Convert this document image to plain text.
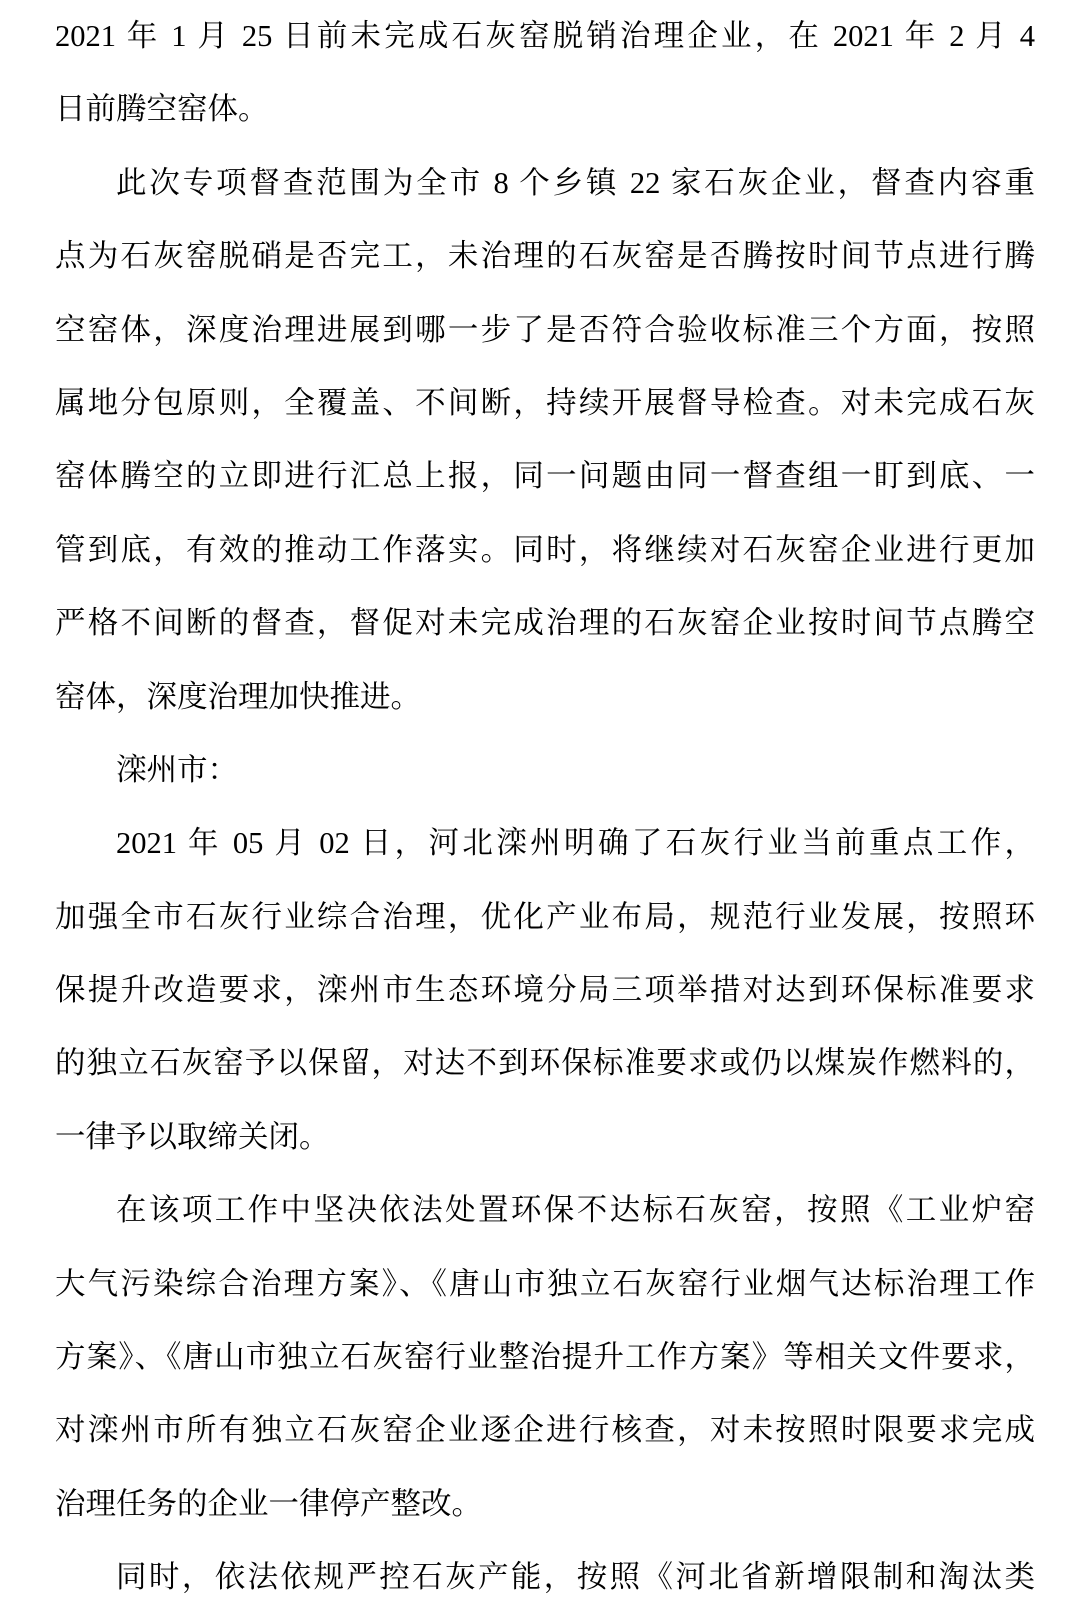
2021 年 1 月 25 日前未完成石灰窑脱销治理企业，在 2021 年 2 月 4
日前腾空窑体。
此次专项督查范围为全市 8 个乡镇 22 家石灰企业，督查内容重
点为石灰窑脱硝是否完工，未治理的石灰窑是否腾按时间节点进行腾
空窑体，深度治理进展到哪一步了是否符合验收标准三个方面，按照
属地分包原则，全覆盖、不间断，持续开展督导检查。对未完成石灰
窑体腾空的立即进行汇总上报，同一问题由同一督查组一盯到底、一
管到底，有效的推动工作落实。同时，将继续对石灰窑企业进行更加
严格不间断的督查，督促对未完成治理的石灰窑企业按时间节点腾空
窑体，深度治理加快推进。
滦州市：
2021 年 05 月 02 日，河北滦州明确了石灰行业当前重点工作，
加强全市石灰行业综合治理，优化产业布局，规范行业发展，按照环
保提升改造要求，滦州市生态环境分局三项举措对达到环保标准要求
的独立石灰窑予以保留，对达不到环保标准要求或仍以煤炭作燃料的，
一律予以取缔关闭。
在该项工作中坚决依法处置环保不达标石灰窑，按照《工业炉窑
大气污染综合治理方案》、《唐山市独立石灰窑行业烟气达标治理工作
方案》、《唐山市独立石灰窑行业整治提升工作方案》等相关文件要求，
对滦州市所有独立石灰窑企业逐企进行核查，对未按照时限要求完成
治理任务的企业一律停产整改。
同时，依法依规严控石灰产能，按照《河北省新增限制和淘汰类
